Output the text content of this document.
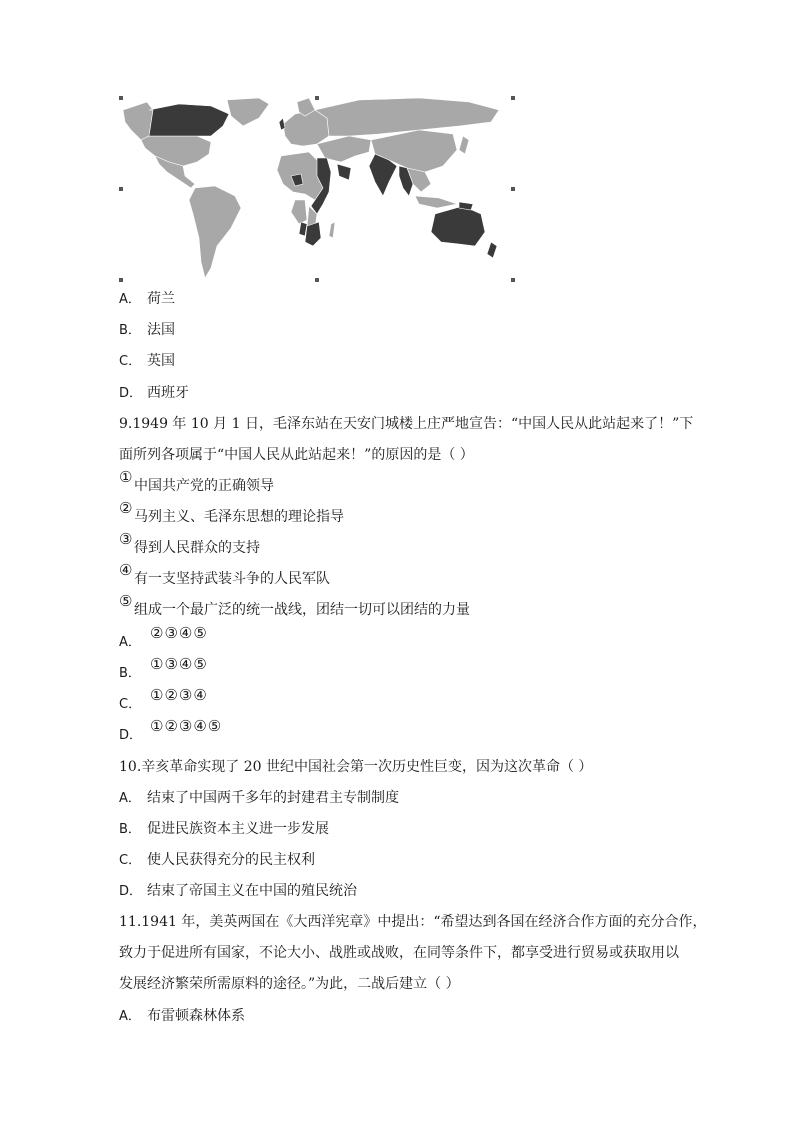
A． 荷兰
B． 法国
C． 英国
D． 西班牙
9.1949 年 10 月 1 日，毛泽东站在天安门城楼上庄严地宣告：“中国人民从此站起来了！”下
面所列各项属于“中国人民从此站起来！”的原因的是（ ）
① 中国共产党的正确领导
② 马列主义、毛泽东思想的理论指导
③ 得到人民群众的支持
④ 有一支坚持武装斗争的人民军队
⑤ 组成一个最广泛的统一战线，团结一切可以团结的力量
A．
②③④⑤
B．
①③④⑤
C．
①②③④
D．
①②③④⑤
10.辛亥革命实现了 20 世纪中国社会第一次历史性巨变，因为这次革命（ ）
A． 结束了中国两千多年的封建君主专制制度
B． 促进民族资本主义进一步发展
C． 使人民获得充分的民主权利
D． 结束了帝国主义在中国的殖民统治
11.1941 年，美英两国在《大西洋宪章》中提出：“希望达到各国在经济合作方面的充分合作，
致力于促进所有国家，不论大小、战胜或战败，在同等条件下，都享受进行贸易或获取用以
发展经济繁荣所需原料的途径。”为此，二战后建立（ ）
A． 布雷顿森林体系
